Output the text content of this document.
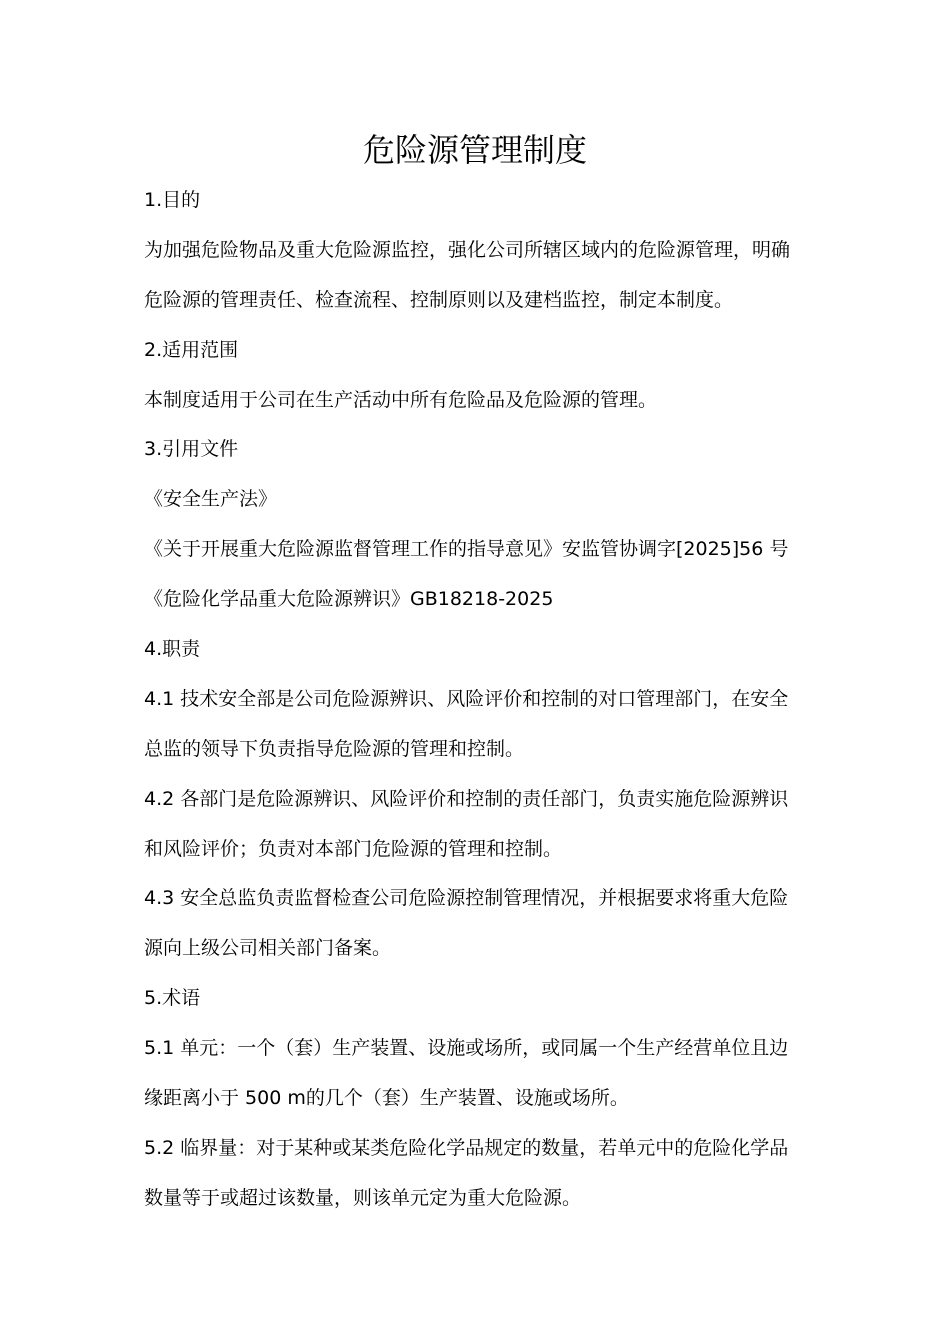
危险源管理制度

1.目的

为加强危险物品及重大危险源监控，强化公司所辖区域内的危险源管理，明确

危险源的管理责任、检查流程、控制原则以及建档监控，制定本制度。

2.适用范围

本制度适用于公司在生产活动中所有危险品及危险源的管理。

3.引用文件

《安全生产法》

《关于开展重大危险源监督管理工作的指导意见》安监管协调字[2025]56 号

《危险化学品重大危险源辨识》GB18218-2025

4.职责

4.1 技术安全部是公司危险源辨识、风险评价和控制的对口管理部门，在安全

总监的领导下负责指导危险源的管理和控制。

4.2 各部门是危险源辨识、风险评价和控制的责任部门，负责实施危险源辨识

和风险评价；负责对本部门危险源的管理和控制。

4.3 安全总监负责监督检查公司危险源控制管理情况，并根据要求将重大危险

源向上级公司相关部门备案。

5.术语

5.1 单元：一个（套）生产装置、设施或场所，或同属一个生产经营单位且边

缘距离小于 500 m的几个（套）生产装置、设施或场所。

5.2 临界量：对于某种或某类危险化学品规定的数量，若单元中的危险化学品

数量等于或超过该数量，则该单元定为重大危险源。
